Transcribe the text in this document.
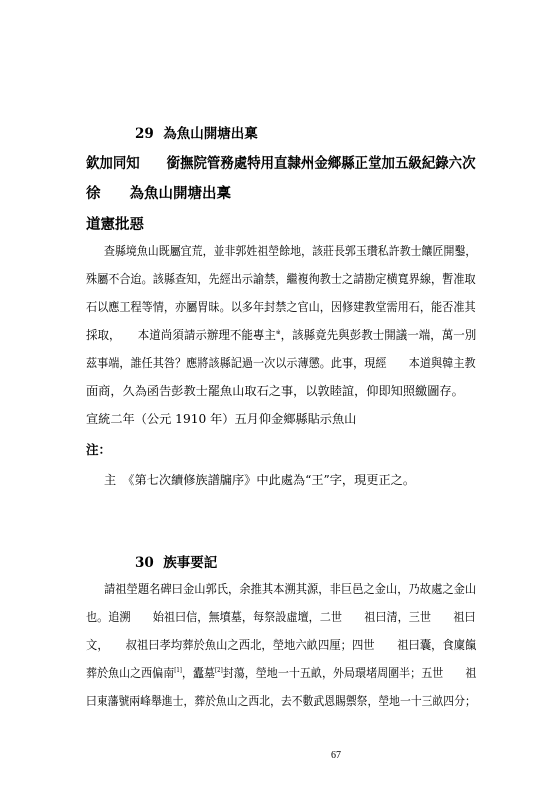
29 為魚山開塘出稟
欽加同知　　銜撫院管務處特用直隸州金鄉縣正堂加五級紀錄六次
徐　　為魚山開塘出稟
道憲批惡
查縣境魚山既屬宜荒，並非郭姓祖塋餘地，該莊長郭玉瓚私許教士饟匠開鑿，
殊屬不合迨。該縣查知，先經出示諭禁，繼複徇教士之請勘定横寬界線，暫准取
石以應工程等情，亦屬胃昧。以多年封禁之官山，因修建教堂需用石，能否准其
採取，　　本道尚須請示辦理不能專主※，該縣竟先與彭教士開議一端，萬一別
茲事端，誰任其咎？應將該縣記過一次以示薄懲。此事，現經　　本道與韓主教
面商，久為函告彭教士罷魚山取石之事，以敦睦誼，仰即知照繳圖存。
宣統二年（公元 1910 年）五月仰金鄉縣貼示魚山
注：
主　《第七次續修族譜牖序》中此處為“王”字，現更正之。
30 族事要記
請祖塋題名碑曰金山郭氏，余推其本溯其源，非巨邑之金山，乃故處之金山
也。追溯　　始祖曰信，無墳墓，每祭設虛壇，二世　　祖曰清，三世　　祖曰
文，　　叔祖曰孝均葬於魚山之西北，塋地六畝四厘；四世　　祖曰囊，食廩餼
葬於魚山之西偏南[1]，蠹墓[2]封蕩，塋地一十五畝，外局環堵周圍半；五世　　祖
曰東藩號兩峰舉進士，葬於魚山之西北，去不數武恩賜禦祭，塋地一十三畝四分；
67
